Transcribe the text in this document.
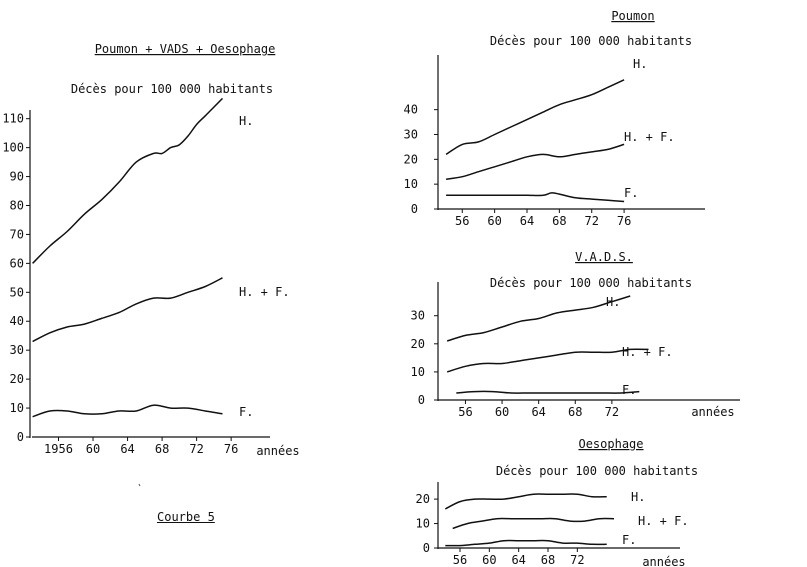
Poumon + VADS + Oesophage
Décès pour 100 000 habitants
0
10
20
30
40
50
60
70
80
90
100
110
1956 60 64 68 72 76 années
H.
H. + F.
F.
Poumon
Décès pour 100 000 habitants
0
10
20
30
40
56 60 64 68 72 76
H.
H. + F.
F.
V.A.D.S.
Décès pour 100 000 habitants
0
10
20
30
56 60 64 68 72	années
H.
H. + F.
F.
Oesophage
Décès pour 100 000 habitants
0
10
20
56 60 64 68 72	années
H.
H. + F.
F.
Courbe 5
